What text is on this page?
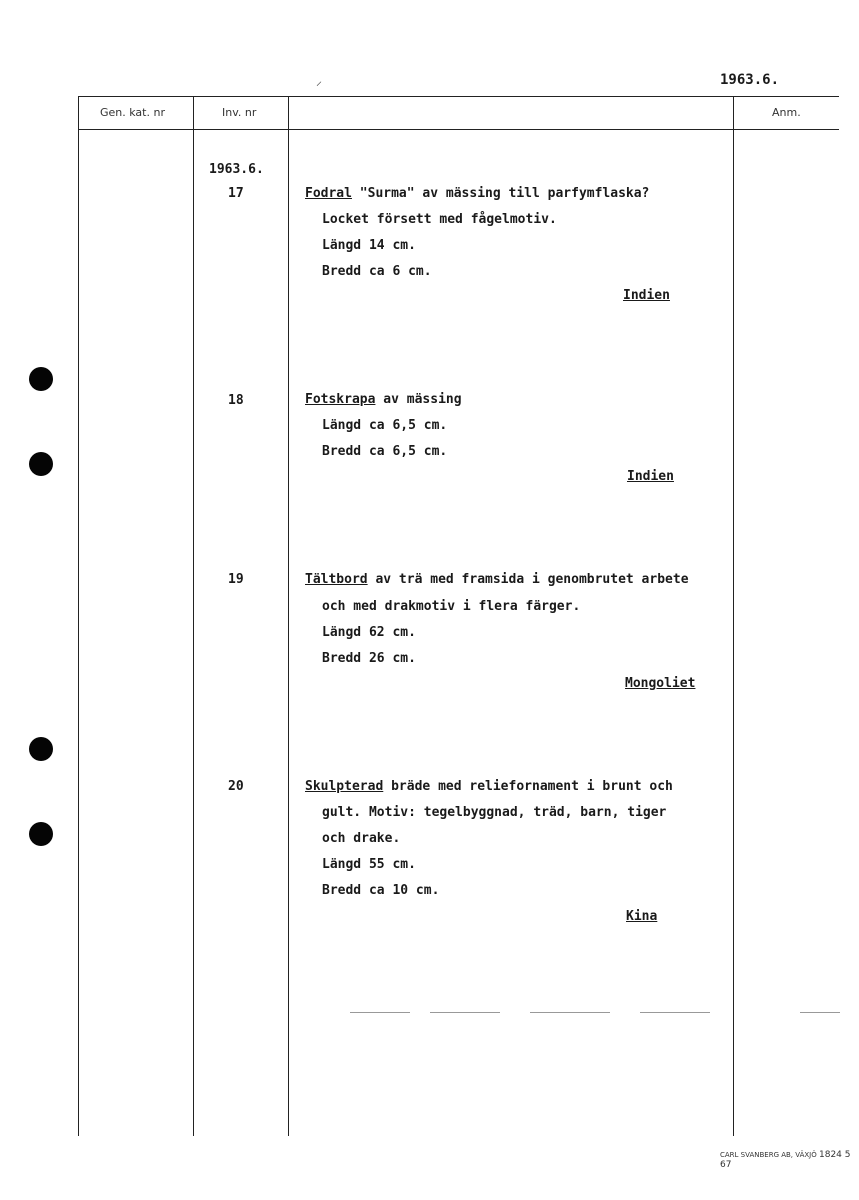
⸝	1963.6.
Gen. kat. nr	Inv. nr	Anm.
1963.6.
17	Fodral "Surma" av mässing till parfymflaska?
Locket försett med fågelmotiv.
Längd 14 cm.
Bredd ca 6 cm.
Indien
18	Fotskrapa av mässing
Längd ca 6,5 cm.
Bredd ca 6,5 cm.
Indien
19	Tältbord av trä med framsida i genombrutet arbete
och med drakmotiv i flera färger.
Längd 62 cm.
Bredd 26 cm.
Mongoliet
20	Skulpterad bräde med reliefornament i brunt och
gult. Motiv: tegelbyggnad, träd, barn, tiger
och drake.
Längd 55 cm.
Bredd ca 10 cm.
Kina
CARL SVANBERG AB, VÄXJÖ 1824 5 67
